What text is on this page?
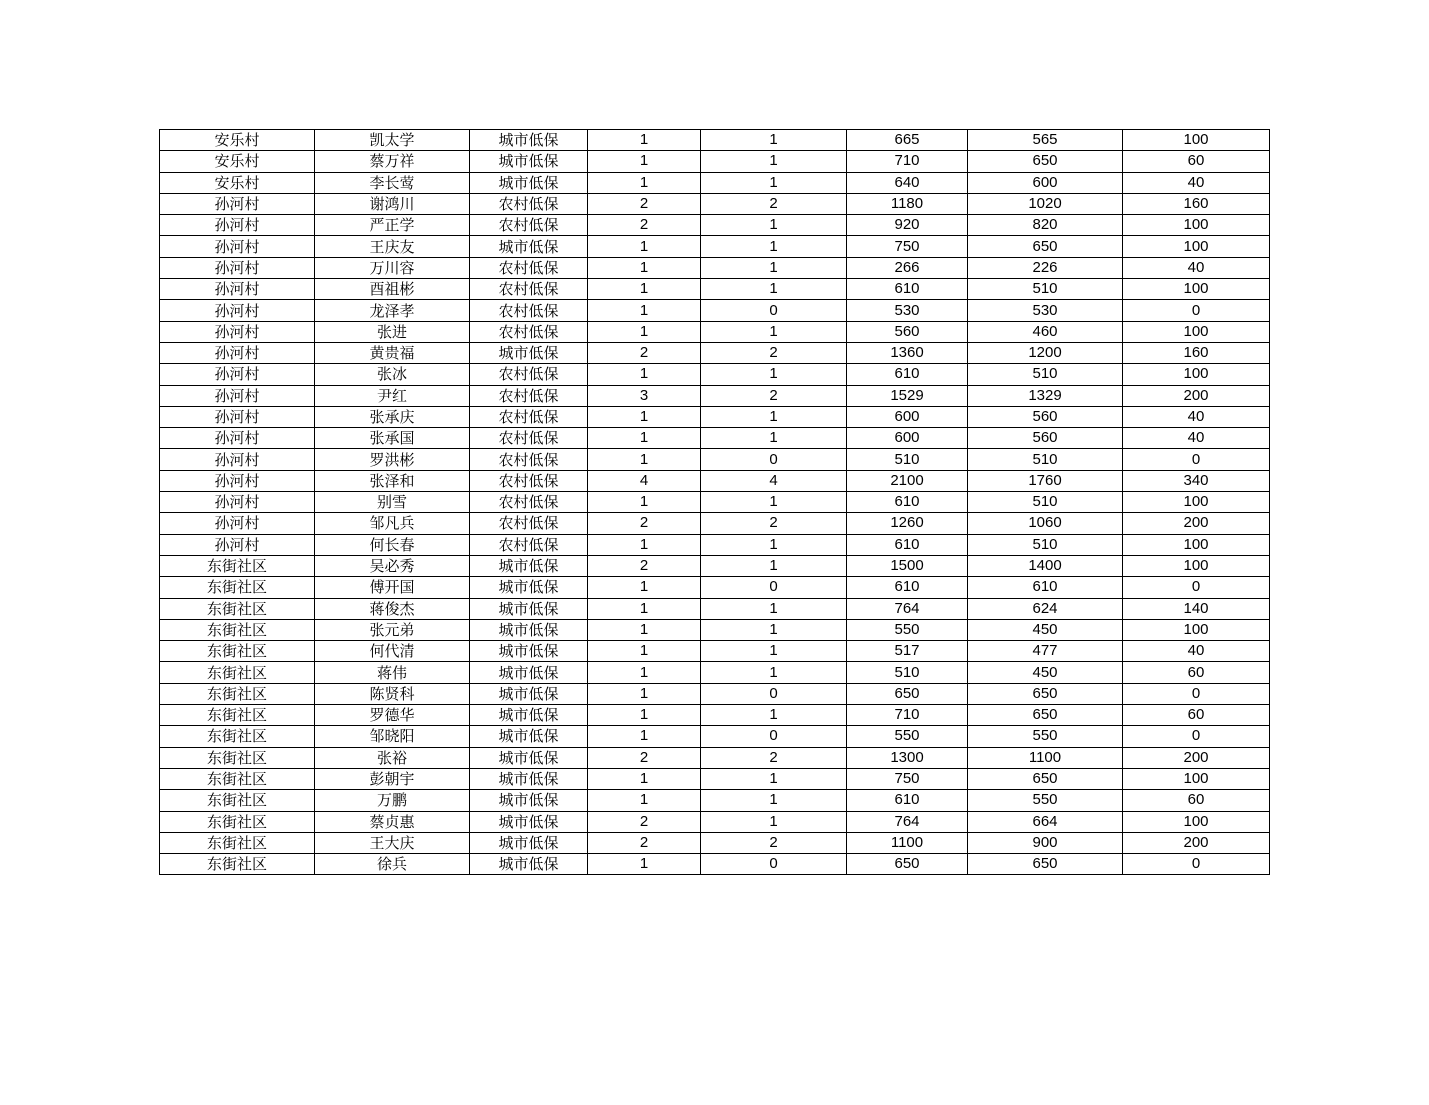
安乐村	凯太学	城市低保	1	1	665	565	100
安乐村	蔡万祥	城市低保	1	1	710	650	60
安乐村	李长莺	城市低保	1	1	640	600	40
孙河村	谢鸿川	农村低保	2	2	1180	1020	160
孙河村	严正学	农村低保	2	1	920	820	100
孙河村	王庆友	城市低保	1	1	750	650	100
孙河村	万川容	农村低保	1	1	266	226	40
孙河村	酉祖彬	农村低保	1	1	610	510	100
孙河村	龙泽孝	农村低保	1	0	530	530	0
孙河村	张进	农村低保	1	1	560	460	100
孙河村	黄贵福	城市低保	2	2	1360	1200	160
孙河村	张冰	农村低保	1	1	610	510	100
孙河村	尹红	农村低保	3	2	1529	1329	200
孙河村	张承庆	农村低保	1	1	600	560	40
孙河村	张承国	农村低保	1	1	600	560	40
孙河村	罗洪彬	农村低保	1	0	510	510	0
孙河村	张泽和	农村低保	4	4	2100	1760	340
孙河村	别雪	农村低保	1	1	610	510	100
孙河村	邹凡兵	农村低保	2	2	1260	1060	200
孙河村	何长春	农村低保	1	1	610	510	100
东街社区	吴必秀	城市低保	2	1	1500	1400	100
东街社区	傅开国	城市低保	1	0	610	610	0
东街社区	蒋俊杰	城市低保	1	1	764	624	140
东街社区	张元弟	城市低保	1	1	550	450	100
东街社区	何代清	城市低保	1	1	517	477	40
东街社区	蒋伟	城市低保	1	1	510	450	60
东街社区	陈贤科	城市低保	1	0	650	650	0
东街社区	罗德华	城市低保	1	1	710	650	60
东街社区	邹晓阳	城市低保	1	0	550	550	0
东街社区	张裕	城市低保	2	2	1300	1100	200
东街社区	彭朝宇	城市低保	1	1	750	650	100
东街社区	万鹏	城市低保	1	1	610	550	60
东街社区	蔡贞惠	城市低保	2	1	764	664	100
东街社区	王大庆	城市低保	2	2	1100	900	200
东街社区	徐兵	城市低保	1	0	650	650	0
